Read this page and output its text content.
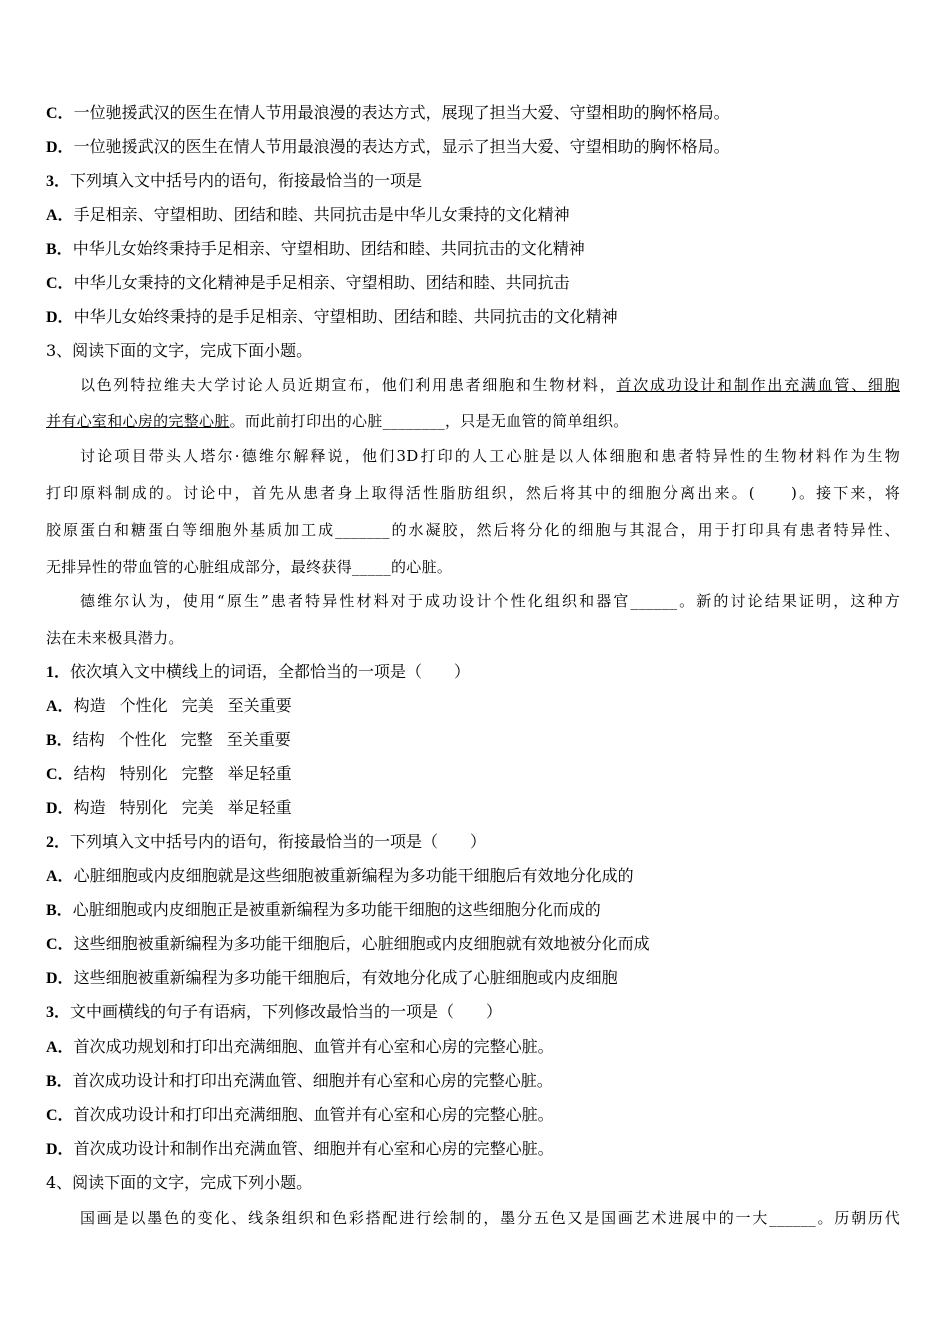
C．一位驰援武汉的医生在情人节用最浪漫的表达方式，展现了担当大爱、守望相助的胸怀格局。
D．一位驰援武汉的医生在情人节用最浪漫的表达方式，显示了担当大爱、守望相助的胸怀格局。
3．下列填入文中括号内的语句，衔接最恰当的一项是
A．手足相亲、守望相助、团结和睦、共同抗击是中华儿女秉持的文化精神
B．中华儿女始终秉持手足相亲、守望相助、团结和睦、共同抗击的文化精神
C．中华儿女秉持的文化精神是手足相亲、守望相助、团结和睦、共同抗击
D．中华儿女始终秉持的是手足相亲、守望相助、团结和睦、共同抗击的文化精神
3、阅读下面的文字，完成下面小题。
以色列特拉维夫大学讨论人员近期宣布，他们利用患者细胞和生物材料，首次成功设计和制作出充满血管、细胞
并有心室和心房的完整心脏。而此前打印出的心脏________，只是无血管的简单组织。
讨论项目带头人塔尔·德维尔解释说，他们3D打印的人工心脏是以人体细胞和患者特异性的生物材料作为生物
打印原料制成的。讨论中，首先从患者身上取得活性脂肪组织，然后将其中的细胞分离出来。(　　)。接下来，将
胶原蛋白和糖蛋白等细胞外基质加工成_______的水凝胶，然后将分化的细胞与其混合，用于打印具有患者特异性、
无排异性的带血管的心脏组成部分，最终获得_____的心脏。
德维尔认为，使用“原生”患者特异性材料对于成功设计个性化组织和器官______。新的讨论结果证明，这种方
法在未来极具潜力。
1．依次填入文中横线上的词语，全都恰当的一项是（　　）
A．构造 个性化 完美 至关重要
B．结构 个性化 完整 至关重要
C．结构 特别化 完整 举足轻重
D．构造 特别化 完美 举足轻重
2．下列填入文中括号内的语句，衔接最恰当的一项是（　　）
A．心脏细胞或内皮细胞就是这些细胞被重新编程为多功能干细胞后有效地分化成的
B．心脏细胞或内皮细胞正是被重新编程为多功能干细胞的这些细胞分化而成的
C．这些细胞被重新编程为多功能干细胞后，心脏细胞或内皮细胞就有效地被分化而成
D．这些细胞被重新编程为多功能干细胞后，有效地分化成了心脏细胞或内皮细胞
3．文中画横线的句子有语病，下列修改最恰当的一项是（　　）
A．首次成功规划和打印出充满细胞、血管并有心室和心房的完整心脏。
B．首次成功设计和打印出充满血管、细胞并有心室和心房的完整心脏。
C．首次成功设计和打印出充满细胞、血管并有心室和心房的完整心脏。
D．首次成功设计和制作出充满血管、细胞并有心室和心房的完整心脏。
4、阅读下面的文字，完成下列小题。
国画是以墨色的变化、线条组织和色彩搭配进行绘制的，墨分五色又是国画艺术进展中的一大______。历朝历代
